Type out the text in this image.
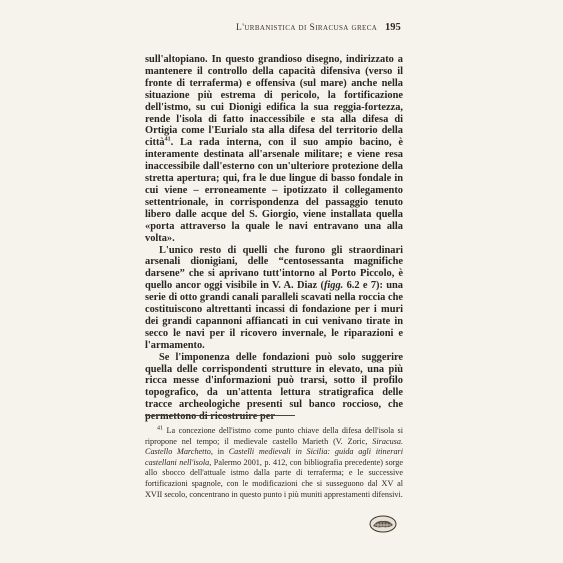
L'urbanistica di Siracusa greca 195

sull'altopiano. In questo grandioso disegno, indirizzato a mantenere il controllo della capacità difensiva (verso il fronte di terraferma) e offensiva (sul mare) anche nella situazione più estrema di pericolo, la fortificazione dell'istmo, su cui Dionigi edifica la sua reggia-fortezza, rende l'isola di fatto inaccessibile e sta alla difesa di Ortigia come l'Eurialo sta alla difesa del territorio della città$^{41}$. La rada interna, con il suo ampio bacino, è interamente destinata all'arsenale militare; e viene resa inaccessibile dall'esterno con un'ulteriore protezione della stretta apertura; qui, fra le due lingue di basso fondale in cui viene – erroneamente – ipotizzato il collegamento settentrionale, in corrispondenza del passaggio tenuto libero dalle acque del S. Giorgio, viene installata quella «porta attraverso la quale le navi entravano una alla volta».

L'unico resto di quelli che furono gli straordinari arsenali dionigiani, delle “centosessanta magnifiche darsene” che si aprivano tutt'intorno al Porto Piccolo, è quello ancor oggi visibile in V. A. Diaz (figg. 6.2 e 7): una serie di otto grandi canali paralleli scavati nella roccia che costituiscono altrettanti incassi di fondazione per i muri dei grandi capannoni affiancati in cui venivano tirate in secco le navi per il ricovero invernale, le riparazioni e l'armamento.

Se l'imponenza delle fondazioni può solo suggerire quella delle corrispondenti strutture in elevato, una più ricca messe d'informazioni può trarsi, sotto il profilo topografico, da un'attenta lettura stratigrafica delle tracce archeologiche presenti sul banco roccioso, che permettono di ricostruire per

$^{41}$ La concezione dell'istmo come punto chiave della difesa dell'isola si ripropone nel tempo; il medievale castello Marieth (V. Zoric, Siracusa. Castello Marchetto, in Castelli medievali in Sicilia: guida agli itinerari castellani nell'isola, Palermo 2001, p. 412, con bibliografia precedente) sorge allo sbocco dell'attuale istmo dalla parte di terraferma; e le successive fortificazioni spagnole, con le modificazioni che si susseguono dal XV al XVII secolo, concentrano in questo punto i più muniti apprestamenti difensivi.
